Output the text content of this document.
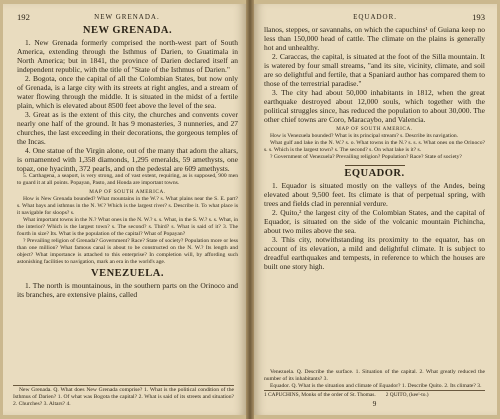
192	NEW GRENADA.
NEW GRENADA.

1. New Grenada formerly comprised the north-west part of South America, extending through the Isthmus of Darien, to Guatimala in North America; but in 1841, the province of Darien declared itself an independent republic, with the title of "State of the Isthmus of Darien."

2. Bogota, once the capital of all the Colombian States, but now only of Grenada, is a large city with its streets at right angles, and a stream of water flowing through the middle. It is situated in the midst of a fertile plain, which is elevated about 8500 feet above the level of the sea.

3. Great as is the extent of this city, the churches and convents cover nearly one half of the ground. It has 9 monasteries, 3 nunneries, and 27 churches, the last exceeding in their decorations, the gorgeous temples of the Incas.

4. One statue of the Virgin alone, out of the many that adorn the altars, is ornamented with 1,358 diamonds, 1,295 emeralds, 59 amethysts, one topaz, one hyacinth, 372 pearls, and on the pedestal are 609 amethysts.

5. Carthagena, a seaport, is very strong, and of vast extent, requiring, as is supposed, 900 men to guard it at all points. Popayan, Pasto, and Honda are important towns.

MAP OF SOUTH AMERICA.

How is New Grenada bounded? What mountains in the W.? s. What plains near the S. E. part? s. What bays and isthmus in the N. W.? Which is the largest river? s. Describe it. To what place is it navigable for sloops? s.

What important towns in the N.? What ones in the N. W.? s. s. What, in the S. W.? s. s. What, in the interior? Which is the largest town? s. The second? s. Third? s. What is said of it? 3. The fourth in size? Its. What is the population of the capital? What of Popayan?

? Prevailing religion of Grenada? Government? Race? State of society? Population more or less than one million? What famous canal is about to be constructed on the N. W.? Its length and object? What importance is attached to this enterprise? In completion will, by affording such astonishing facilities to navigation, mark an era in the world's age.

VENEZUELA.

1. The north is mountainous, in the southern parts on the Orinoco and its branches, are extensive plains, called

New Grenada. Q. What does New Grenada comprise? 1. What is the political condition of the Isthmus of Darien? 1. Of what was Bogota the capital? 2. What is said of its streets and situation? 2. Churches? 3. Altars? 4.

EQUADOR.	193

llanos, steppes, or savannahs, on which the capuchins¹ of Guiana keep no less than 150,000 head of cattle. The climate on the plains is generally hot and unhealthy.

2. Caraccas, the capital, is situated at the foot of the Silla mountain. It is watered by four small streams, "and its site, vicinity, climate, and soil are so delightful and fertile, that a Spaniard author has compared them to those of the terrestrial paradise."

3. The city had about 50,000 inhabitants in 1812, when the great earthquake destroyed about 12,000 souls, which together with the political struggles since, has reduced the population to about 30,000. The other chief towns are Coro, Maracaybo, and Valencia.

MAP OF SOUTH AMERICA.

How is Venezuela bounded? What is its principal stream? s. Describe its navigation.

What gulf and lake in the N. W.? s. o. What towns in the N.? s. s. s. What ones on the Orinoco? s. s. Which is the largest town? s. The second? s. On what lake is it? s.

? Government of Venezuela? Prevailing religion? Population? Race? State of society?

EQUADOR.

1. Equador is situated mostly on the valleys of the Andes, being elevated about 9,500 feet. Its climate is that of perpetual spring, with trees and fields clad in perennial verdure.

2. Quito,² the largest city of the Colombian States, and the capital of Equador, is situated on the side of the volcanic mountain Pichincha, about two miles above the sea.

3. This city, notwithstanding its proximity to the equator, has on account of its elevation, a mild and delightful climate. It is subject to dreadful earthquakes and tempests, in reference to which the houses are built one story high.

Venezuela. Q. Describe the surface. 1. Situation of the capital. 2. What greatly reduced the number of its inhabitants? 3.

Equador. Q. What is the situation and climate of Equador? 1. Describe Quito. 2. Its climate? 3.

1 CAPUCHINS, Monks of the order of St. Thomas. 2 QUITO, (kee'-to.)
9
